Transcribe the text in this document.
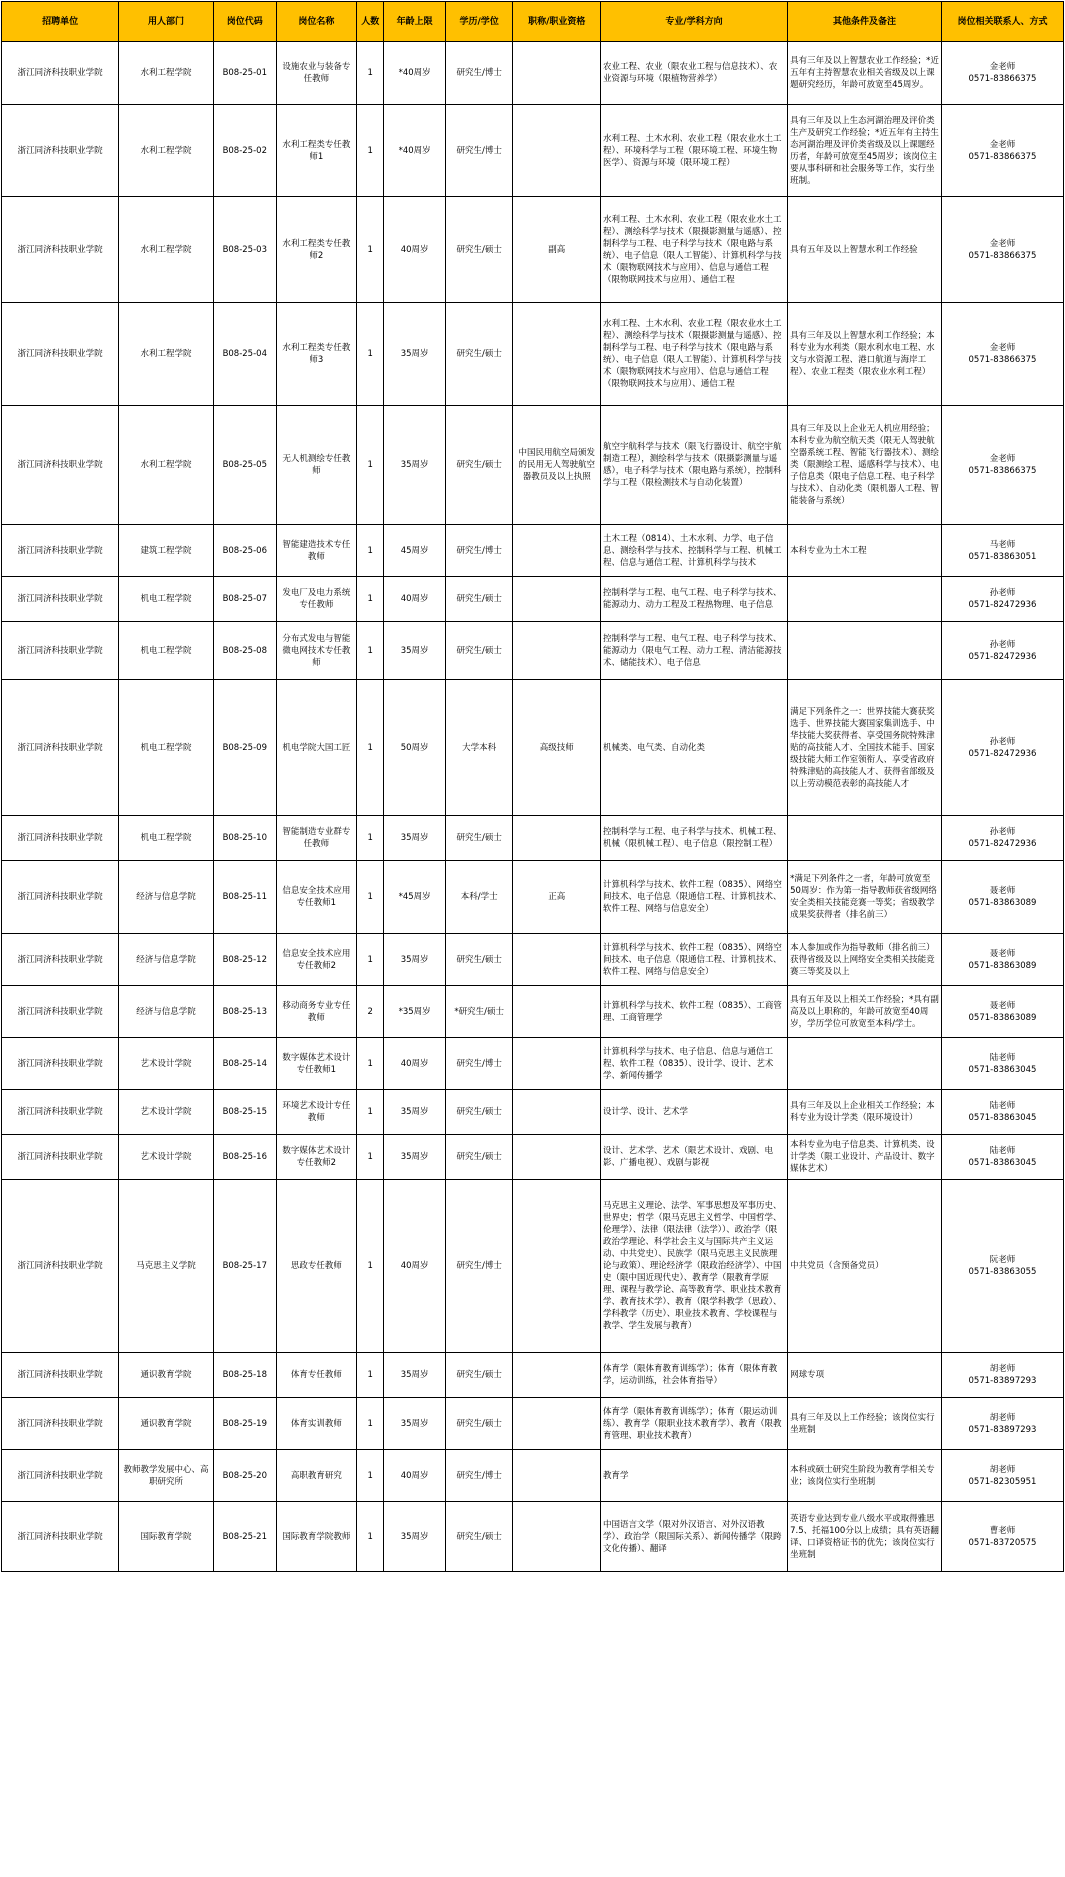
招聘单位	用人部门	岗位代码	岗位名称	人数	年龄上限	学历/学位	职称/职业资格	专业/学科方向	其他条件及备注	岗位相关联系人、方式
浙江同济科技职业学院	水利工程学院	B08-25-01	设施农业与装备专任教师	1	*40周岁	研究生/博士		农业工程、农业（限农业工程与信息技术）、农业资源与环境（限植物营养学）	具有三年及以上智慧农业工作经验；*近五年有主持智慧农业相关省级及以上课题研究经历，年龄可放宽至45周岁。	金老师
0571-83866375
浙江同济科技职业学院	水利工程学院	B08-25-02	水利工程类专任教师1	1	*40周岁	研究生/博士		水利工程、土木水利、农业工程（限农业水土工程）、环境科学与工程（限环境工程、环境生物医学）、资源与环境（限环境工程）	具有三年及以上生态河湖治理及评价类生产及研究工作经验；*近五年有主持生态河湖治理及评价类省级及以上课题经历者，年龄可放宽至45周岁；该岗位主要从事科研和社会服务等工作，实行坐班制。	金老师
0571-83866375
浙江同济科技职业学院	水利工程学院	B08-25-03	水利工程类专任教师2	1	40周岁	研究生/硕士	副高	水利工程、土木水利、农业工程（限农业水土工程）、测绘科学与技术（限摄影测量与遥感）、控制科学与工程、电子科学与技术（限电路与系统）、电子信息（限人工智能）、计算机科学与技术（限物联网技术与应用）、信息与通信工程（限物联网技术与应用）、通信工程	具有五年及以上智慧水利工作经验	金老师
0571-83866375
浙江同济科技职业学院	水利工程学院	B08-25-04	水利工程类专任教师3	1	35周岁	研究生/硕士		水利工程、土木水利、农业工程（限农业水土工程）、测绘科学与技术（限摄影测量与遥感）、控制科学与工程、电子科学与技术（限电路与系统）、电子信息（限人工智能）、计算机科学与技术（限物联网技术与应用）、信息与通信工程（限物联网技术与应用）、通信工程	具有三年及以上智慧水利工作经验；本科专业为水利类（限水利水电工程、水文与水资源工程、港口航道与海岸工程）、农业工程类（限农业水利工程）	金老师
0571-83866375
浙江同济科技职业学院	水利工程学院	B08-25-05	无人机测绘专任教师	1	35周岁	研究生/硕士	中国民用航空局颁发的民用无人驾驶航空器教员及以上执照	航空宇航科学与技术（限飞行器设计、航空宇航制造工程），测绘科学与技术（限摄影测量与遥感），电子科学与技术（限电路与系统），控制科学与工程（限检测技术与自动化装置）	具有三年及以上企业无人机应用经验；本科专业为航空航天类（限无人驾驶航空器系统工程、智能飞行器技术）、测绘类（限测绘工程、遥感科学与技术）、电子信息类（限电子信息工程、电子科学与技术）、自动化类（限机器人工程、智能装备与系统）	金老师
0571-83866375
浙江同济科技职业学院	建筑工程学院	B08-25-06	智能建造技术专任教师	1	45周岁	研究生/博士		土木工程（0814）、土木水利、力学、电子信息、测绘科学与技术、控制科学与工程、机械工程、信息与通信工程、计算机科学与技术	本科专业为土木工程	马老师
0571-83863051
浙江同济科技职业学院	机电工程学院	B08-25-07	发电厂及电力系统专任教师	1	40周岁	研究生/硕士		控制科学与工程、电气工程、电子科学与技术、能源动力、动力工程及工程热物理、电子信息		孙老师
0571-82472936
浙江同济科技职业学院	机电工程学院	B08-25-08	分布式发电与智能微电网技术专任教师	1	35周岁	研究生/硕士		控制科学与工程、电气工程、电子科学与技术、能源动力（限电气工程、动力工程、清洁能源技术、储能技术）、电子信息		孙老师
0571-82472936
浙江同济科技职业学院	机电工程学院	B08-25-09	机电学院大国工匠	1	50周岁	大学本科	高级技师	机械类、电气类、自动化类	满足下列条件之一：世界技能大赛获奖选手、世界技能大赛国家集训选手、中华技能大奖获得者、享受国务院特殊津贴的高技能人才、全国技术能手、国家级技能大师工作室领衔人、享受省政府特殊津贴的高技能人才、获得省部级及以上劳动模范表彰的高技能人才	孙老师
0571-82472936
浙江同济科技职业学院	机电工程学院	B08-25-10	智能制造专业群专任教师	1	35周岁	研究生/硕士		控制科学与工程、电子科学与技术、机械工程、机械（限机械工程）、电子信息（限控制工程）		孙老师
0571-82472936
浙江同济科技职业学院	经济与信息学院	B08-25-11	信息安全技术应用专任教师1	1	*45周岁	本科/学士	正高	计算机科学与技术、软件工程（0835）、网络空间技术、电子信息（限通信工程、计算机技术、软件工程、网络与信息安全）	*满足下列条件之一者，年龄可放宽至50周岁：作为第一指导教师获省级网络安全类相关技能竞赛一等奖；省级教学成果奖获得者（排名前三）	聂老师
0571-83863089
浙江同济科技职业学院	经济与信息学院	B08-25-12	信息安全技术应用专任教师2	1	35周岁	研究生/硕士		计算机科学与技术、软件工程（0835）、网络空间技术、电子信息（限通信工程、计算机技术、软件工程、网络与信息安全）	本人参加或作为指导教师（排名前三）获得省级及以上网络安全类相关技能竞赛三等奖及以上	聂老师
0571-83863089
浙江同济科技职业学院	经济与信息学院	B08-25-13	移动商务专业专任教师	2	*35周岁	*研究生/硕士		计算机科学与技术、软件工程（0835）、工商管理、工商管理学	具有五年及以上相关工作经验；*具有副高及以上职称的，年龄可放宽至40周岁，学历学位可放宽至本科/学士。	聂老师
0571-83863089
浙江同济科技职业学院	艺术设计学院	B08-25-14	数字媒体艺术设计专任教师1	1	40周岁	研究生/博士		计算机科学与技术、电子信息、信息与通信工程、软件工程（0835）、设计学、设计、艺术学、新闻传播学		陆老师
0571-83863045
浙江同济科技职业学院	艺术设计学院	B08-25-15	环境艺术设计专任教师	1	35周岁	研究生/硕士		设计学、设计、艺术学	具有三年及以上企业相关工作经验；本科专业为设计学类（限环境设计）	陆老师
0571-83863045
浙江同济科技职业学院	艺术设计学院	B08-25-16	数字媒体艺术设计专任教师2	1	35周岁	研究生/硕士		设计、艺术学、艺术（限艺术设计、戏剧、电影、广播电视）、戏剧与影视	本科专业为电子信息类、计算机类、设计学类（限工业设计、产品设计、数字媒体艺术）	陆老师
0571-83863045
浙江同济科技职业学院	马克思主义学院	B08-25-17	思政专任教师	1	40周岁	研究生/博士		马克思主义理论、法学、军事思想及军事历史、世界史；哲学（限马克思主义哲学、中国哲学、伦理学）、法律（限法律（法学））、政治学（限政治学理论、科学社会主义与国际共产主义运动、中共党史）、民族学（限马克思主义民族理论与政策）、理论经济学（限政治经济学）、中国史（限中国近现代史）、教育学（限教育学原理、课程与教学论、高等教育学、职业技术教育学、教育技术学）、教育（限学科教学（思政）、学科教学（历史）、职业技术教育、学校课程与教学、学生发展与教育）	中共党员（含预备党员）	阮老师
0571-83863055
浙江同济科技职业学院	通识教育学院	B08-25-18	体育专任教师	1	35周岁	研究生/硕士		体育学（限体育教育训练学）；体育（限体育教学，运动训练，社会体育指导）	网球专项	胡老师
0571-83897293
浙江同济科技职业学院	通识教育学院	B08-25-19	体育实训教师	1	35周岁	研究生/硕士		体育学（限体育教育训练学）；体育（限运动训练）、教育学（限职业技术教育学）、教育（限教育管理、职业技术教育）	具有三年及以上工作经验；该岗位实行坐班制	胡老师
0571-83897293
浙江同济科技职业学院	教师教学发展中心、高职研究所	B08-25-20	高职教育研究	1	40周岁	研究生/博士		教育学	本科或硕士研究生阶段为教育学相关专业；该岗位实行坐班制	胡老师
0571-82305951
浙江同济科技职业学院	国际教育学院	B08-25-21	国际教育学院教师	1	35周岁	研究生/硕士		中国语言文学（限对外汉语言、对外汉语教学）、政治学（限国际关系）、新闻传播学（限跨文化传播）、翻译	英语专业达到专业八级水平或取得雅思7.5、托福100分以上成绩；具有英语翻译、口译资格证书的优先；该岗位实行坐班制	曹老师
0571-83720575
